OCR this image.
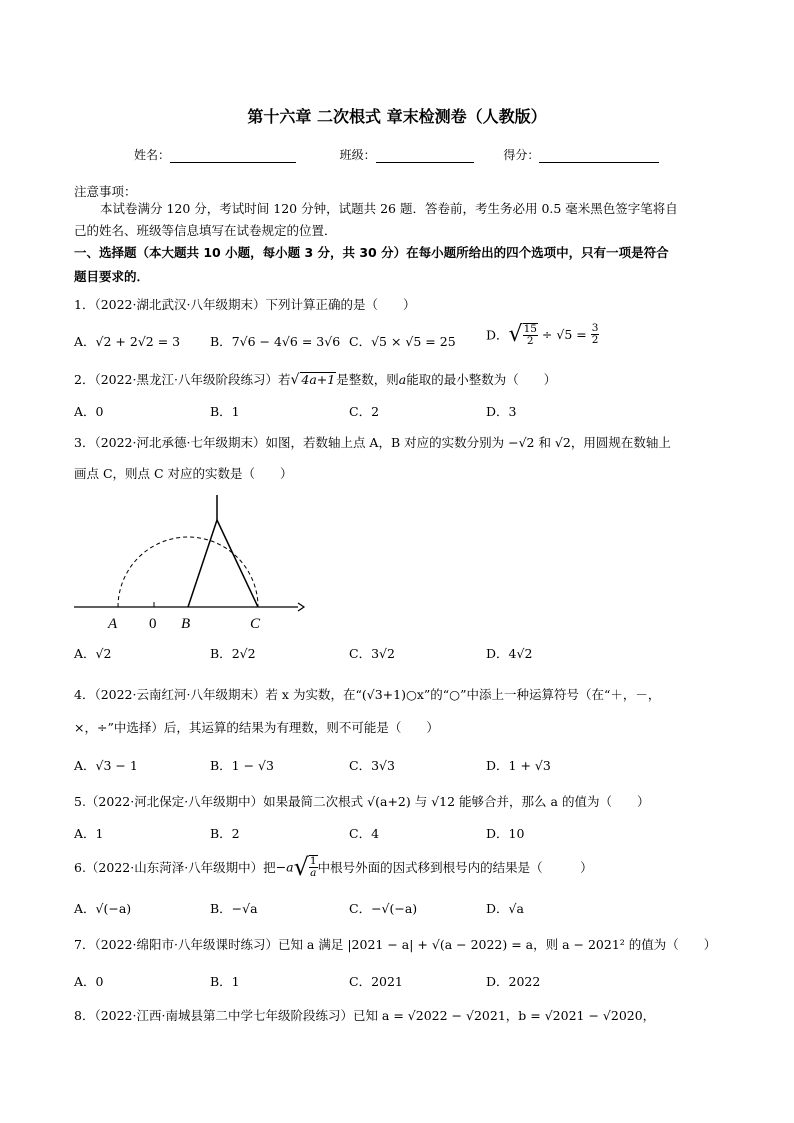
第十六章 二次根式 章末检测卷（人教版）
姓名：	班级：	得分：
注意事项：
本试卷满分 120 分，考试时间 120 分钟，试题共 26 题．答卷前，考生务必用 0.5 毫米黑色签字笔将自
己的姓名、班级等信息填写在试卷规定的位置．
一、选择题（本大题共 10 小题，每小题 3 分，共 30 分）在每小题所给出的四个选项中，只有一项是符合
题目要求的．
1．（2022·湖北武汉·八年级期末）下列计算正确的是（　　）
A．√2 + 2√2 = 3 B．7√6 − 4√6 = 3√6 C．√5 × √5 = 25 D．√ $\frac{15}{2} \div √5 = \frac{3}{2}$
2．（2022·黑龙江·八年级阶段练习）若√ 4a+1是整数，则a能取的最小整数为（　　）
A．0	B．1	C．2	D．3
3．（2022·河北承德·七年级期末）如图，若数轴上点 A，B 对应的实数分别为 −√2 和 √2，用圆规在数轴上
画点 C，则点 C 对应的实数是（　　）
A 0 B	C
A．√2	B．2√2	C．3√2	D．4√2
4．（2022·云南红河·八年级期末）若 x 为实数，在“(√3+1)○x”的“○”中添上一种运算符号（在“＋，－，
×，÷”中选择）后，其运算的结果为有理数，则不可能是（　　）
A．√3 − 1	B．1 − √3	C．3√3	D．1 + √3
5.（2022·河北保定·八年级期中）如果最简二次根式 √(a+2) 与 √12 能够合并，那么 a 的值为（　　）
A．1	B．2	C．4	D．10
6.（2022·山东菏泽·八年级期中）把$-a√ \frac{1}{a}$ 中根号外面的因式移到根号内的结果是（　　　）
A．√(−a)	B．−√a	C．−√(−a)	D．√a
7．（2022·绵阳市·八年级课时练习）已知 a 满足 |2021 − a| + √(a − 2022) = a，则 a − 2021² 的值为（　　）
A．0	B．1	C．2021	D．2022
8．（2022·江西·南城县第二中学七年级阶段练习）已知 a = √2022 − √2021，b = √2021 − √2020，
